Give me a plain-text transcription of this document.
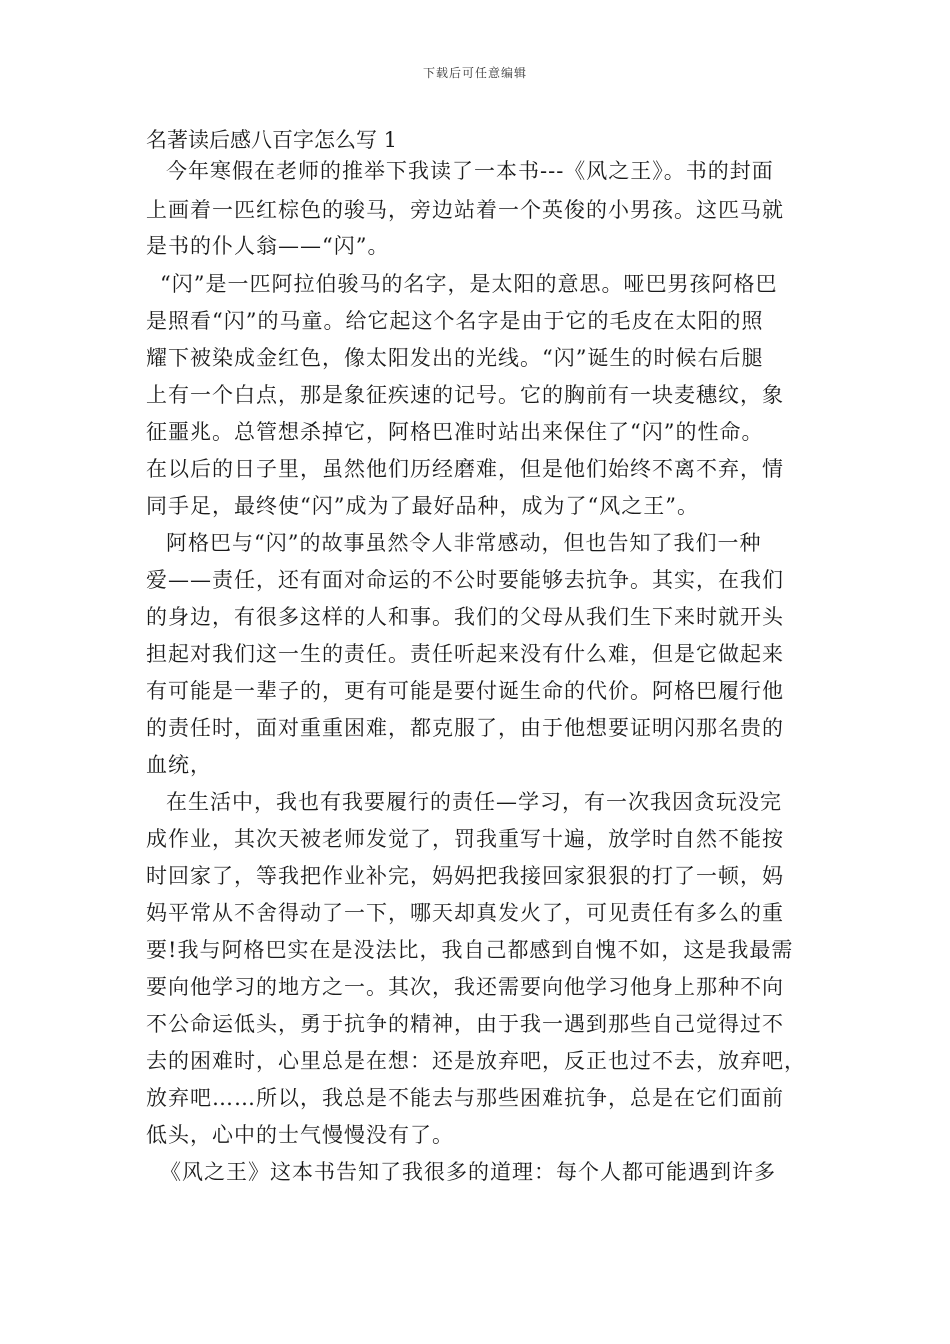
下载后可任意编辑
名著读后感八百字怎么写 1
今年寒假在老师的推举下我读了一本书---《风之王》。书的封面
上画着一匹红棕色的骏马，旁边站着一个英俊的小男孩。这匹马就
是书的仆人翁——“闪”。
“闪”是一匹阿拉伯骏马的名字，是太阳的意思。哑巴男孩阿格巴
是照看“闪”的马童。给它起这个名字是由于它的毛皮在太阳的照
耀下被染成金红色，像太阳发出的光线。“闪”诞生的时候右后腿
上有一个白点，那是象征疾速的记号。它的胸前有一块麦穗纹，象
征噩兆。总管想杀掉它，阿格巴准时站出来保住了“闪”的性命。
在以后的日子里，虽然他们历经磨难，但是他们始终不离不弃，情
同手足，最终使“闪”成为了最好品种，成为了“风之王”。
阿格巴与“闪”的故事虽然令人非常感动，但也告知了我们一种
爱——责任，还有面对命运的不公时要能够去抗争。其实，在我们
的身边，有很多这样的人和事。我们的父母从我们生下来时就开头
担起对我们这一生的责任。责任听起来没有什么难，但是它做起来
有可能是一辈子的，更有可能是要付诞生命的代价。阿格巴履行他
的责任时，面对重重困难，都克服了，由于他想要证明闪那名贵的
血统，
在生活中，我也有我要履行的责任—学习，有一次我因贪玩没完
成作业，其次天被老师发觉了，罚我重写十遍，放学时自然不能按
时回家了，等我把作业补完，妈妈把我接回家狠狠的打了一顿，妈
妈平常从不舍得动了一下，哪天却真发火了，可见责任有多么的重
要!我与阿格巴实在是没法比，我自己都感到自愧不如，这是我最需
要向他学习的地方之一。其次，我还需要向他学习他身上那种不向
不公命运低头，勇于抗争的精神，由于我一遇到那些自己觉得过不
去的困难时，心里总是在想：还是放弃吧，反正也过不去，放弃吧，
放弃吧……所以，我总是不能去与那些困难抗争，总是在它们面前
低头，心中的士气慢慢没有了。
《风之王》这本书告知了我很多的道理：每个人都可能遇到许多
